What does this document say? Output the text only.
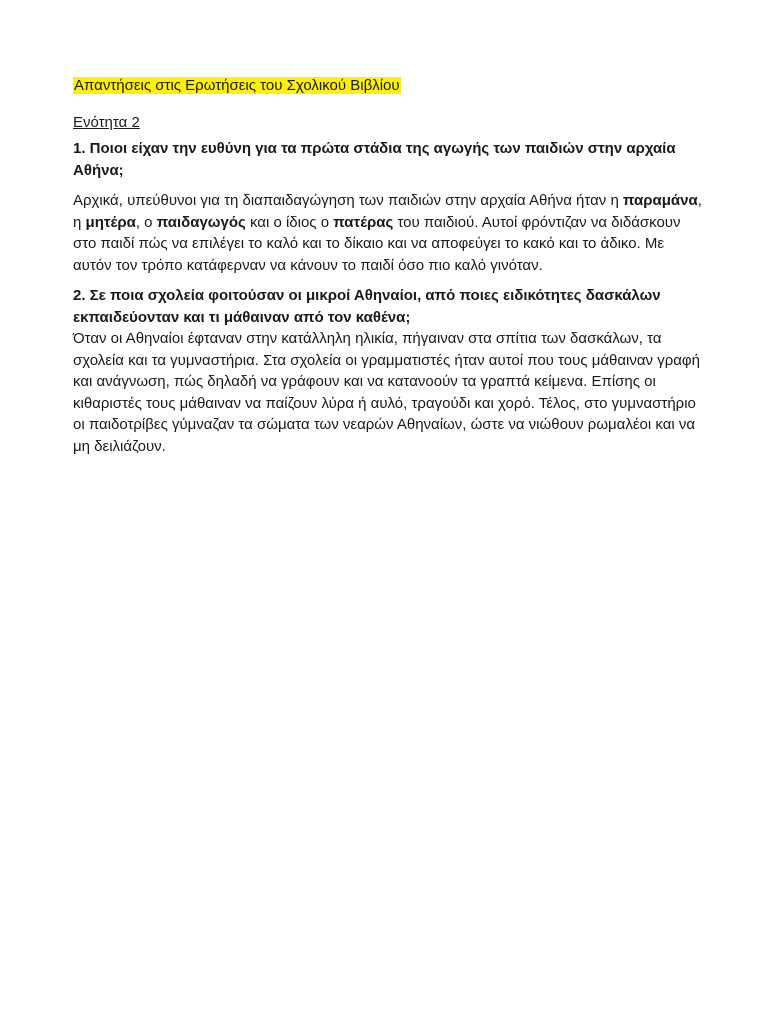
Απαντήσεις στις Ερωτήσεις του Σχολικού Βιβλίου

Ενότητα 2

1. Ποιοι είχαν την ευθύνη για τα πρώτα στάδια της αγωγής των παιδιών στην αρχαία Αθήνα;

Αρχικά, υπεύθυνοι για τη διαπαιδαγώγηση των παιδιών στην αρχαία Αθήνα ήταν η παραμάνα, η μητέρα, ο παιδαγωγός και ο ίδιος ο πατέρας του παιδιού. Αυτοί φρόντιζαν να διδάσκουν στο παιδί πώς να επιλέγει το καλό και το δίκαιο και να αποφεύγει το κακό και το άδικο. Με αυτόν τον τρόπο κατάφερναν να κάνουν το παιδί όσο πιο καλό γινόταν.

2. Σε ποια σχολεία φοιτούσαν οι μικροί Αθηναίοι, από ποιες ειδικότητες δασκάλων εκπαιδεύονταν και τι μάθαιναν από τον καθένα;

Όταν οι Αθηναίοι έφταναν στην κατάλληλη ηλικία, πήγαιναν στα σπίτια των δασκάλων, τα σχολεία και τα γυμναστήρια. Στα σχολεία οι γραμματιστές ήταν αυτοί που τους μάθαιναν γραφή και ανάγνωση, πώς δηλαδή να γράφουν και να κατανοούν τα γραπτά κείμενα. Επίσης οι κιθαριστές τους μάθαιναν να παίζουν λύρα ή αυλό, τραγούδι και χορό. Τέλος, στο γυμναστήριο οι παιδοτρίβες γύμναζαν τα σώματα των νεαρών Αθηναίων, ώστε να νιώθουν ρωμαλέοι και να μη δειλιάζουν.
